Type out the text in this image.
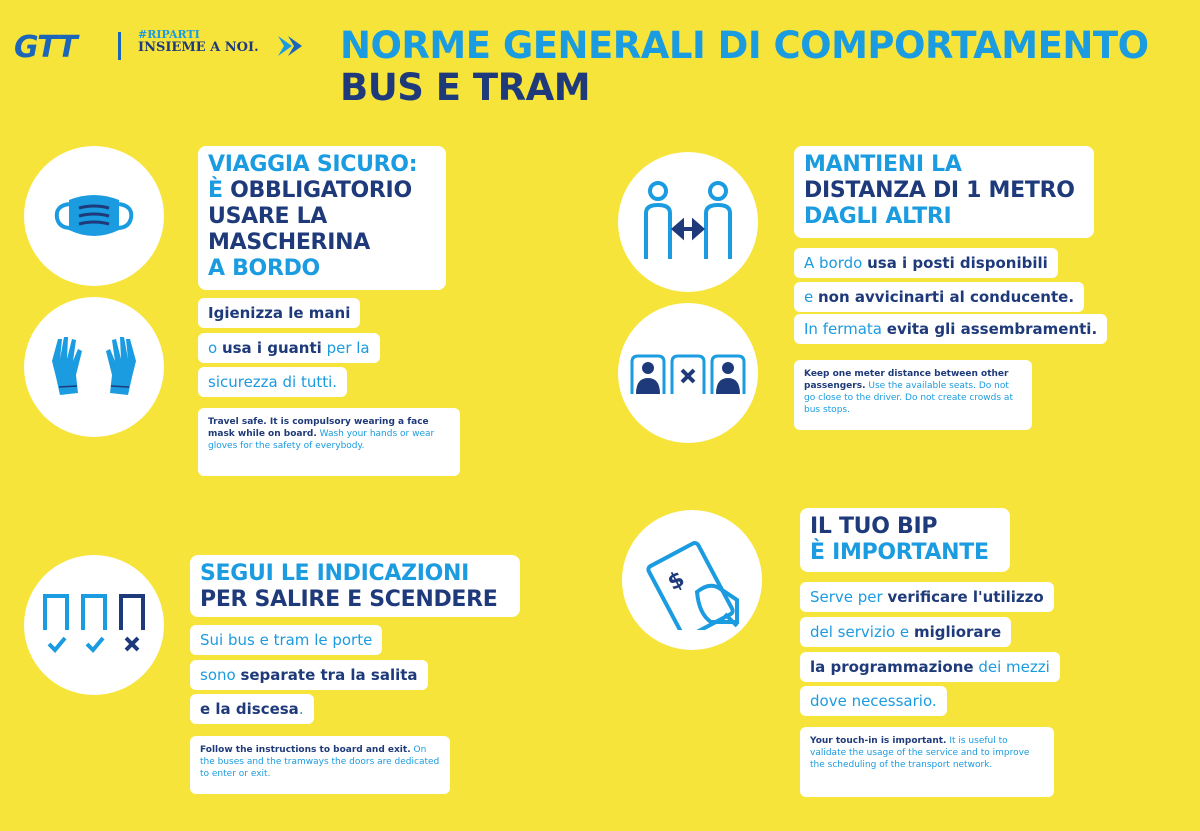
GTT	#RIPARTI
INSIEME A NOI. NORME GENERALI DI COMPORTAMENTO
BUS E TRAM
VIAGGIA SICURO:
È OBBLIGATORIO
USARE LA
MASCHERINA
A BORDO
Igienizza le mani
o usa i guanti per la
sicurezza di tutti.
Travel safe. It is compulsory wearing a face mask while on board. Wash your hands or wear gloves for the safety of everybody.
MANTIENI LA
DISTANZA DI 1 METRO
DAGLI ALTRI
A bordo usa i posti disponibili
e non avvicinarti al conducente.
In fermata evita gli assembramenti.
Keep one meter distance between other passengers. Use the available seats. Do not go close to the driver. Do not create crowds at bus stops.
SEGUI LE INDICAZIONI
PER SALIRE E SCENDERE
Sui bus e tram le porte
sono separate tra la salita
e la discesa.
Follow the instructions to board and exit. On the buses and the tramways the doors are dedicated to enter or exit.
$
IL TUO BIP
È IMPORTANTE
Serve per verificare l'utilizzo
del servizio e migliorare
la programmazione dei mezzi
dove necessario.
Your touch-in is important. It is useful to validate the usage of the service and to improve the scheduling of the transport network.
